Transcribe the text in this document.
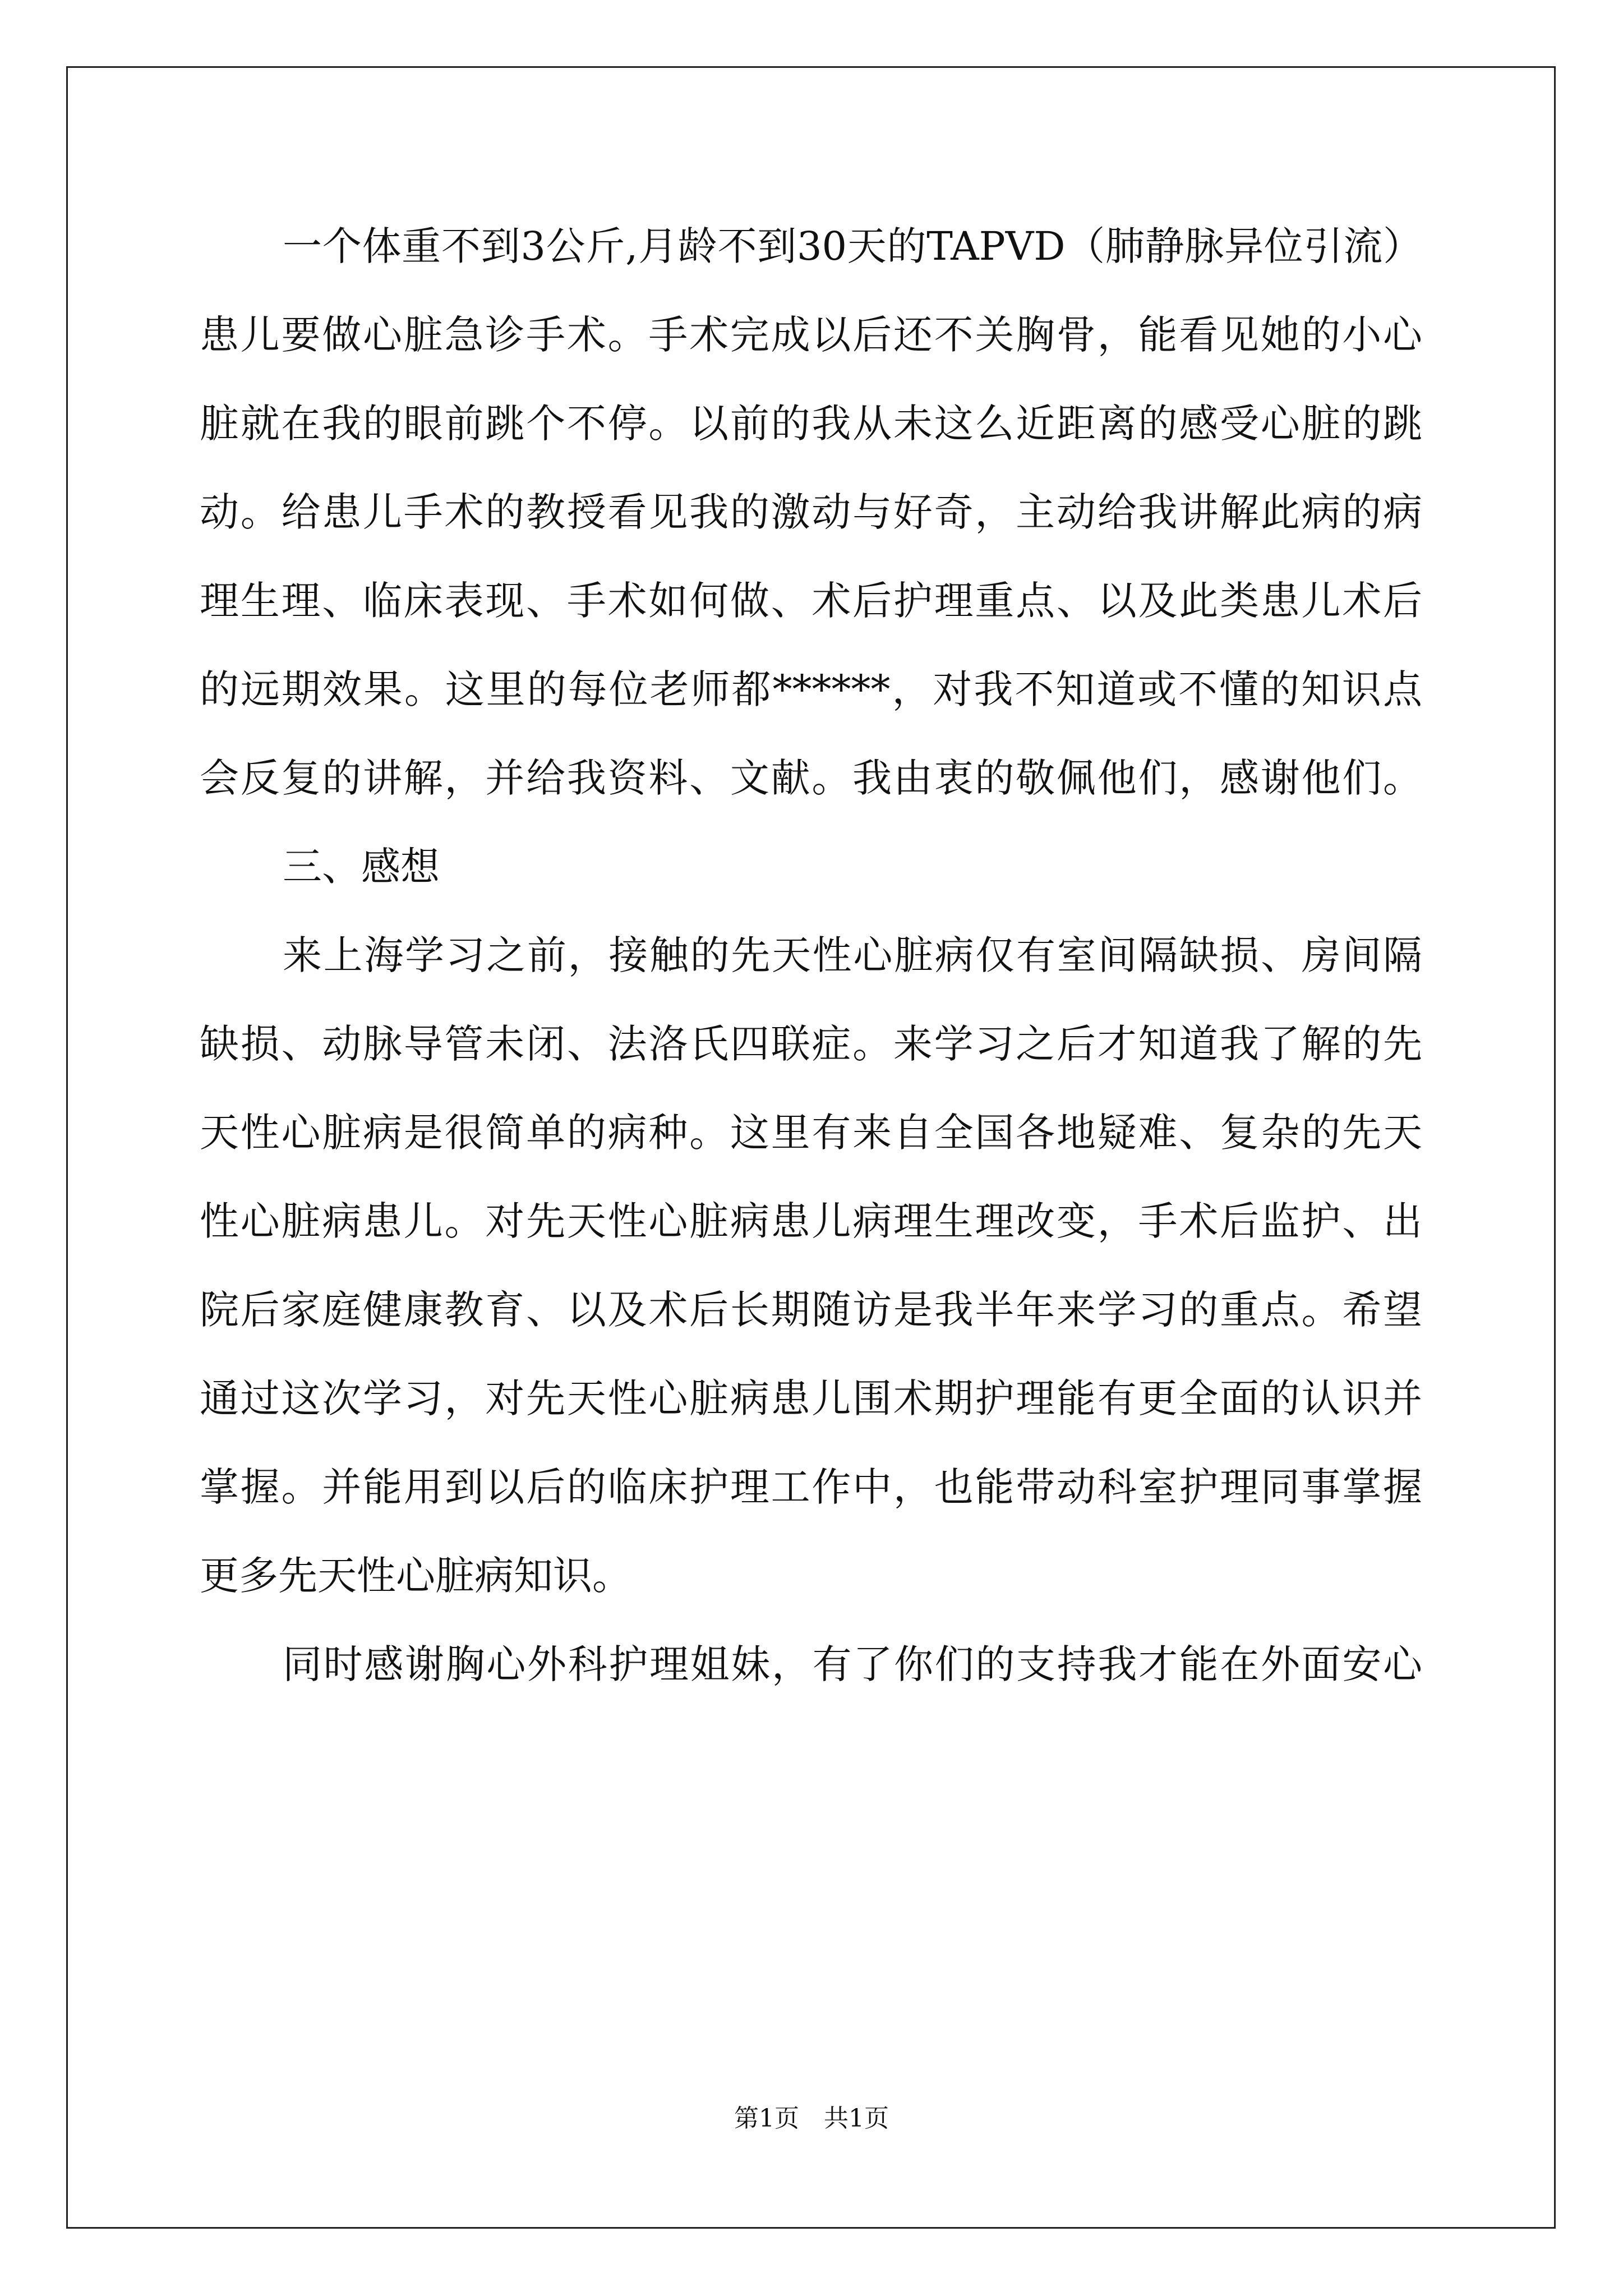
一个体重不到3公斤,月龄不到30天的TAPVD（肺静脉异位引流）
患儿要做心脏急诊手术。手术完成以后还不关胸骨，能看见她的小心
脏就在我的眼前跳个不停。以前的我从未这么近距离的感受心脏的跳
动。给患儿手术的教授看见我的激动与好奇，主动给我讲解此病的病
理生理、临床表现、手术如何做、术后护理重点、以及此类患儿术后
的远期效果。这里的每位老师都******，对我不知道或不懂的知识点
会反复的讲解，并给我资料、文献。我由衷的敬佩他们，感谢他们。
三、感想
来上海学习之前，接触的先天性心脏病仅有室间隔缺损、房间隔
缺损、动脉导管未闭、法洛氏四联症。来学习之后才知道我了解的先
天性心脏病是很简单的病种。这里有来自全国各地疑难、复杂的先天
性心脏病患儿。对先天性心脏病患儿病理生理改变，手术后监护、出
院后家庭健康教育、以及术后长期随访是我半年来学习的重点。希望
通过这次学习，对先天性心脏病患儿围术期护理能有更全面的认识并
掌握。并能用到以后的临床护理工作中，也能带动科室护理同事掌握
更多先天性心脏病知识。
同时感谢胸心外科护理姐妹，有了你们的支持我才能在外面安心
第1页　共1页
